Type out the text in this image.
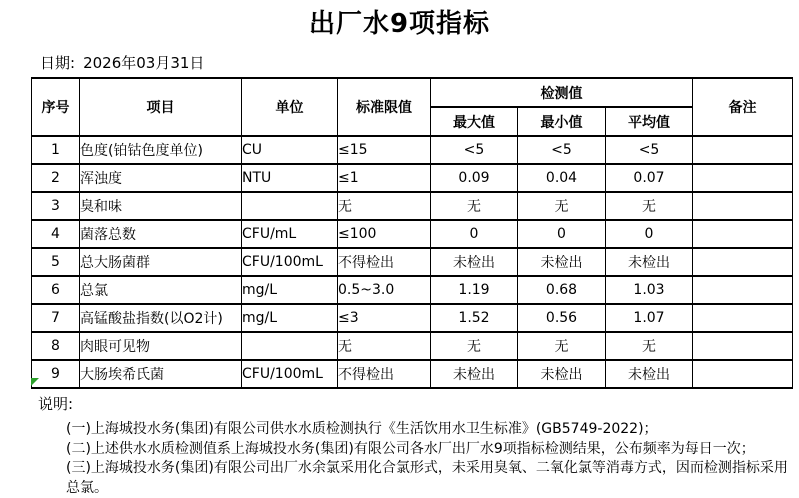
出厂水9项指标
日期: 2026年03月31日
序号	项目	单位	标准限值	检测值			备注
				最大值	最小值	平均值	
1	色度(铂钴色度单位)	CU	≤15	<5	<5	<5	
2	浑浊度	NTU	≤1	0.09	0.04	0.07	
3	臭和味		无	无	无	无	
4	菌落总数	CFU/mL	≤100	0	0	0	
5	总大肠菌群	CFU/100mL	不得检出	未检出	未检出	未检出	
6	总氯	mg/L	0.5~3.0	1.19	0.68	1.03	
7	高锰酸盐指数(以O2计)	mg/L	≤3	1.52	0.56	1.07	
8	肉眼可见物		无	无	无	无	
9	大肠埃希氏菌	CFU/100mL	不得检出	未检出	未检出	未检出	
说明:
(一)上海城投水务(集团)有限公司供水水质检测执行《生活饮用水卫生标准》(GB5749-2022)；
(二)上述供水水质检测值系上海城投水务(集团)有限公司各水厂出厂水9项指标检测结果，公布频率为每日一次；
(三)上海城投水务(集团)有限公司出厂水余氯采用化合氯形式，未采用臭氧、二氧化氯等消毒方式，因而检测指标采用总氯。
